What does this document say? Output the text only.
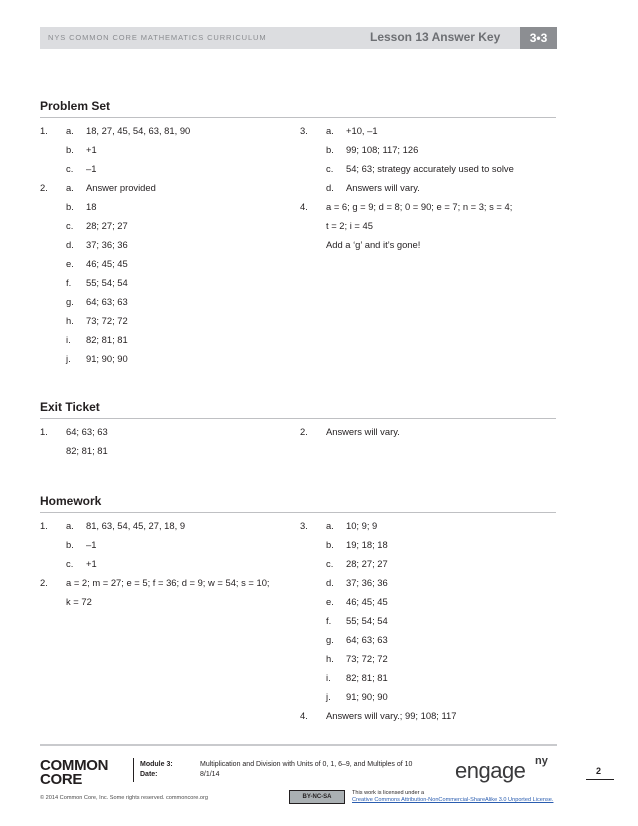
NYS COMMON CORE MATHEMATICS CURRICULUM	Lesson 13 Answer Key	3•3
Problem Set
1. a. 18, 27, 45, 54, 63, 81, 90
b. +1
c. –1
2. a. Answer provided
b. 18
c. 28; 27; 27
d. 37; 36; 36
e. 46; 45; 45
f. 55; 54; 54
g. 64; 63; 63
h. 73; 72; 72
i. 82; 81; 81
j. 91; 90; 90
3. a. +10, –1
b. 99; 108; 117; 126
c. 54; 63; strategy accurately used to solve
d. Answers will vary.
4. a = 6; g = 9; d = 8; 0 = 90; e = 7; n = 3; s = 4;
t = 2; i = 45
Add a ‘g’ and it’s gone!
Exit Ticket
1. 64; 63; 63
82; 81; 81
2. Answers will vary.
Homework
1. a. 81, 63, 54, 45, 27, 18, 9
b. –1
c. +1
2. a = 2; m = 27; e = 5; f = 36; d = 9; w = 54; s = 10;
k = 72
3. a. 10; 9; 9
b. 19; 18; 18
c. 28; 27; 27
d. 37; 36; 36
e. 46; 45; 45
f. 55; 54; 54
g. 64; 63; 63
h. 73; 72; 72
i. 82; 81; 81
j. 91; 90; 90
4. Answers will vary.; 99; 108; 117
COMMON
CORE
Module 3:	Multiplication and Division with Units of 0, 1, 6–9, and Multiples of 10
Date:	8/1/14	engage ny
2
© 2014 Common Core, Inc. Some rights reserved. commoncore.org	BY-NC-SA
This work is licensed under a
Creative Commons Attribution-NonCommercial-ShareAlike 3.0 Unported License.
